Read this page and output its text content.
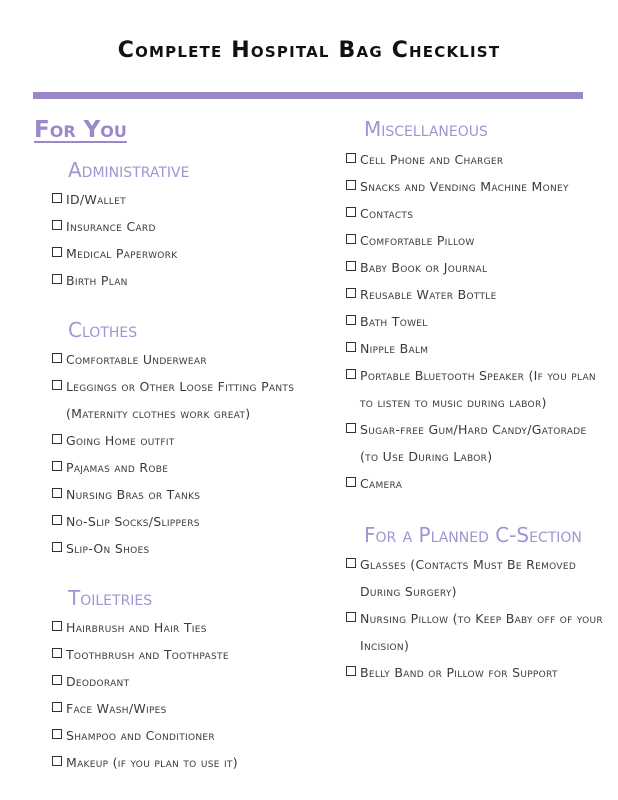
Complete Hospital Bag Checklist
For You
Administrative
ID/Wallet
Insurance Card
Medical Paperwork
Birth Plan
Clothes
Comfortable Underwear
Leggings or Other Loose Fitting Pants (Maternity clothes work great)
Going Home outfit
Pajamas and Robe
Nursing Bras or Tanks
No-Slip Socks/Slippers
Slip-On Shoes
Toiletries
Hairbrush and Hair Ties
Toothbrush and Toothpaste
Deodorant
Face Wash/Wipes
Shampoo and Conditioner
Makeup (if you plan to use it)
Miscellaneous
Cell Phone and Charger
Snacks and Vending Machine Money
Contacts
Comfortable Pillow
Baby Book or Journal
Reusable Water Bottle
Bath Towel
Nipple Balm
Portable Bluetooth Speaker (If you plan to listen to music during labor)
Sugar-free Gum/Hard Candy/Gatorade (to Use During Labor)
Camera
For a Planned C-Section
Glasses (Contacts Must Be Removed During Surgery)
Nursing Pillow (to Keep Baby off of your Incision)
Belly Band or Pillow for Support
